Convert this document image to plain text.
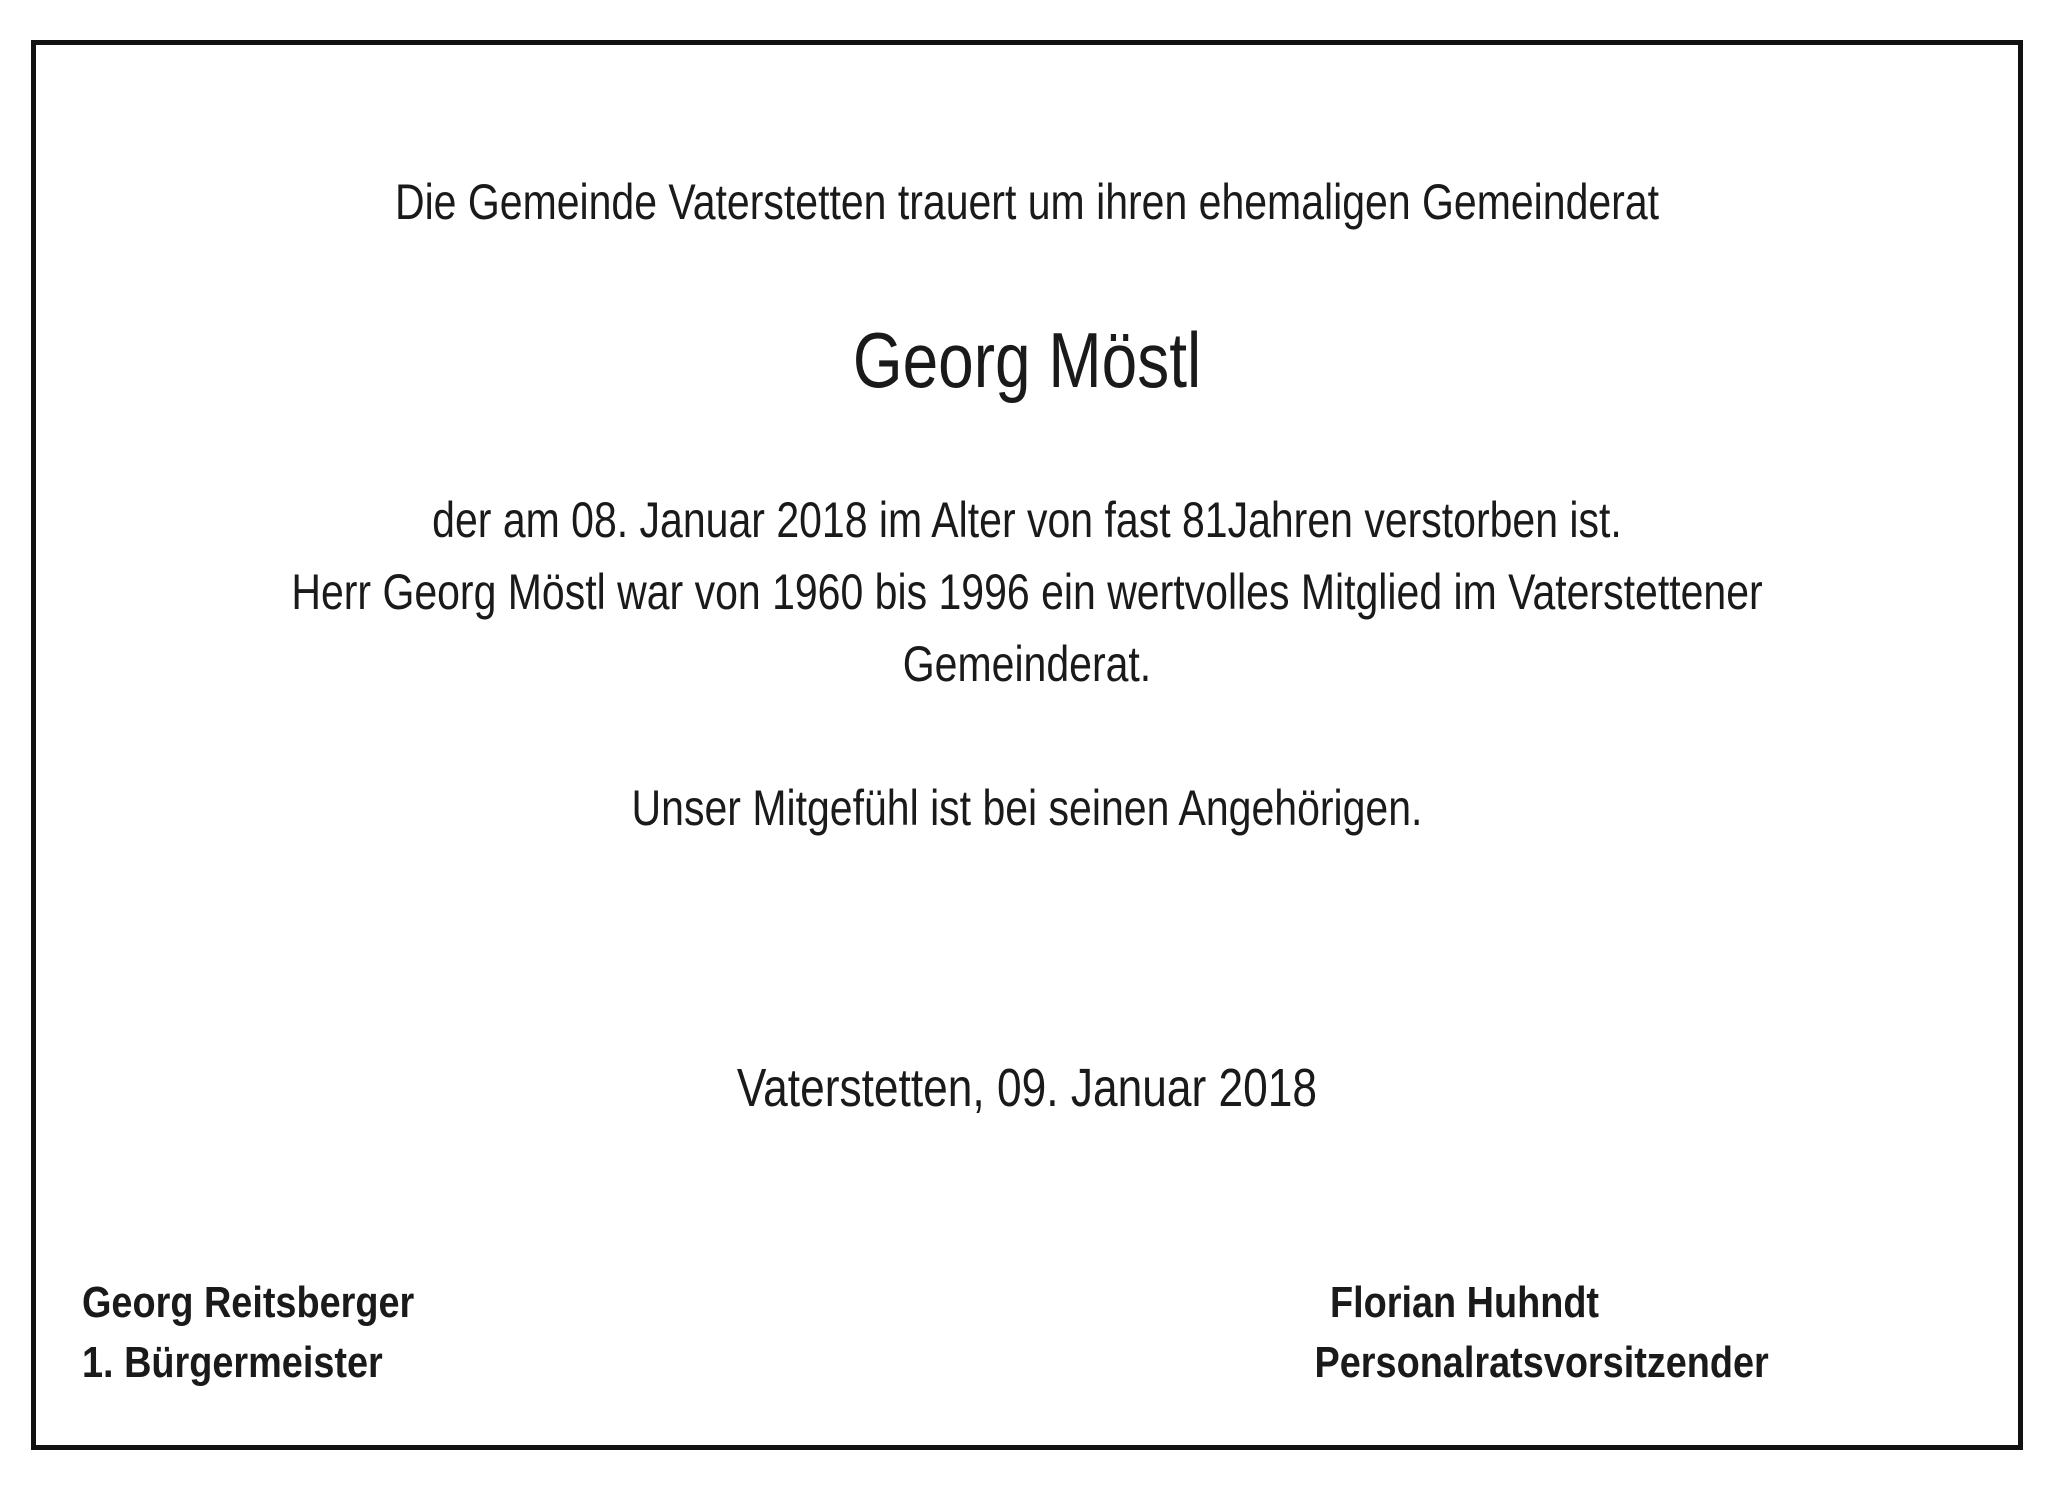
Die Gemeinde Vaterstetten trauert um ihren ehemaligen Gemeinderat
Georg Möstl
der am 08. Januar 2018 im Alter von fast 81Jahren verstorben ist.
Herr Georg Möstl war von 1960 bis 1996 ein wertvolles Mitglied im Vaterstettener
Gemeinderat.
Unser Mitgefühl ist bei seinen Angehörigen.
Vaterstetten, 09. Januar 2018
Georg Reitsberger
1. Bürgermeister
Florian Huhndt
Personalratsvorsitzender
